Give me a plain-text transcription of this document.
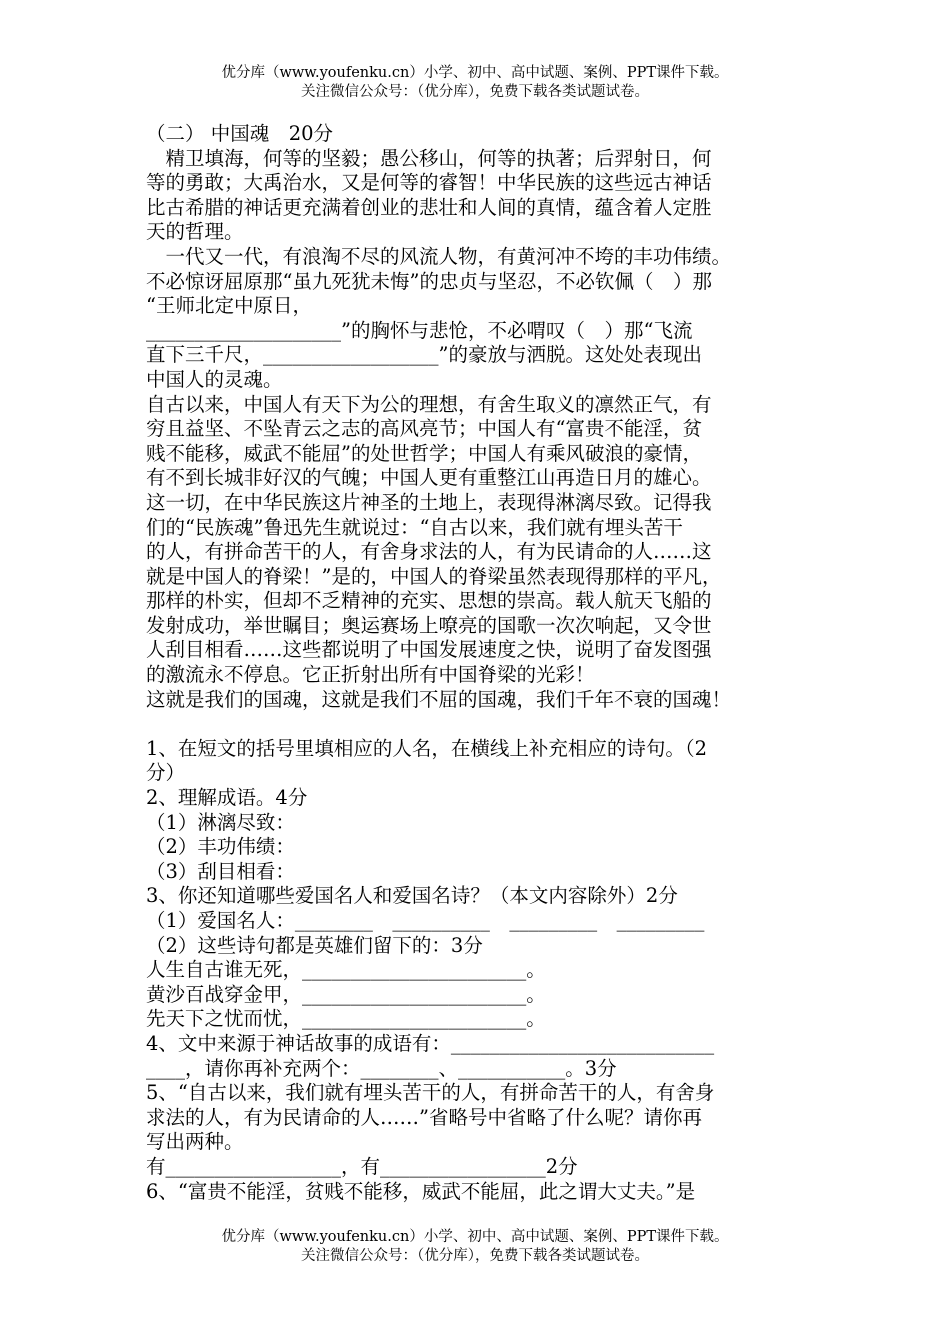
优分库（www.youfenku.cn）小学、初中、高中试题、案例、PPT课件下载。
关注微信公众号：（优分库），免费下载各类试题试卷。
（二） 中国魂　20分
　精卫填海，何等的坚毅；愚公移山，何等的执著；后羿射日，何
等的勇敢；大禹治水，又是何等的睿智！中华民族的这些远古神话
比古希腊的神话更充满着创业的悲壮和人间的真情，蕴含着人定胜
天的哲理。
　一代又一代，有浪淘不尽的风流人物，有黄河冲不垮的丰功伟绩。
不必惊讶屈原那“虽九死犹未悔”的忠贞与坚忍，不必钦佩（　）那
“王师北定中原日，
____________________”的胸怀与悲怆，不必喟叹（　）那“飞流
直下三千尺，__________________”的豪放与洒脱。这处处表现出
中国人的灵魂。
自古以来，中国人有天下为公的理想，有舍生取义的凛然正气，有
穷且益坚、不坠青云之志的高风亮节；中国人有“富贵不能淫，贫
贱不能移，威武不能屈”的处世哲学；中国人有乘风破浪的豪情，
有不到长城非好汉的气魄；中国人更有重整江山再造日月的雄心。
这一切，在中华民族这片神圣的土地上，表现得淋漓尽致。记得我
们的“民族魂”鲁迅先生就说过：“自古以来，我们就有埋头苦干
的人，有拼命苦干的人，有舍身求法的人，有为民请命的人……这
就是中国人的脊梁！”是的，中国人的脊梁虽然表现得那样的平凡，
那样的朴实，但却不乏精神的充实、思想的崇高。载人航天飞船的
发射成功，举世瞩目；奥运赛场上嘹亮的国歌一次次响起，又令世
人刮目相看……这些都说明了中国发展速度之快，说明了奋发图强
的激流永不停息。它正折射出所有中国脊梁的光彩！
这就是我们的国魂，这就是我们不屈的国魂，我们千年不衰的国魂！
1、在短文的括号里填相应的人名，在横线上补充相应的诗句。（2
分）
2、理解成语。4分
（1）淋漓尽致：
（2）丰功伟绩：
（3）刮目相看：
3、你还知道哪些爱国名人和爱国名诗？（本文内容除外）2分
（1）爱国名人：________　__________　_________　_________
（2）这些诗句都是英雄们留下的：3分
人生自古谁无死，_______________________。
黄沙百战穿金甲，_______________________。
先天下之忧而忧，_______________________。
4、文中来源于神话故事的成语有：___________________________
____，请你再补充两个：________、___________。3分
5、“自古以来，我们就有埋头苦干的人，有拼命苦干的人，有舍身
求法的人，有为民请命的人……”省略号中省略了什么呢？请你再
写出两种。
有__________________，有_________________2分
6、“富贵不能淫，贫贱不能移，威武不能屈，此之谓大丈夫。”是
优分库（www.youfenku.cn）小学、初中、高中试题、案例、PPT课件下载。
关注微信公众号：（优分库），免费下载各类试题试卷。
